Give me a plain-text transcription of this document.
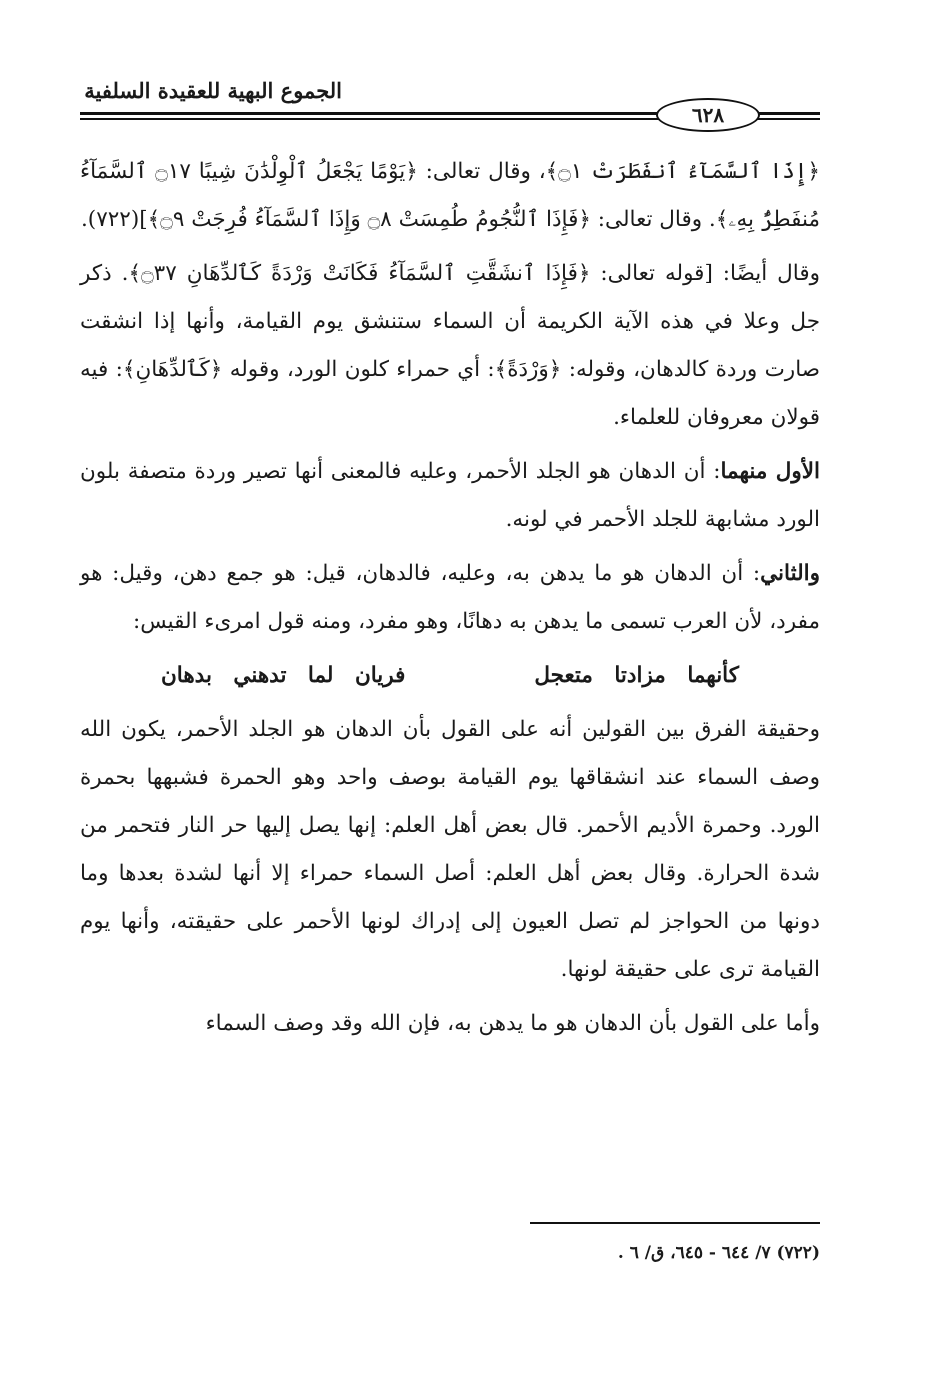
الجموع البهية للعقيدة السلفية
٦٢٨

﴿إِذَا ٱلسَّمَآءُ ٱنفَطَرَتْ ۝١﴾، وقال تعالى: ﴿يَوْمًا يَجْعَلُ ٱلْوِلْدَٰنَ شِيبًا ۝١٧ ٱلسَّمَآءُ مُنفَطِرٌۢ بِهِۦ﴾. وقال تعالى: ﴿فَإِذَا ٱلنُّجُومُ طُمِسَتْ ۝٨ وَإِذَا ٱلسَّمَآءُ فُرِجَتْ ۝٩﴾](٧٢٢).

وقال أيضًا: [قوله تعالى: ﴿فَإِذَا ٱنشَقَّتِ ٱلسَّمَآءُ فَكَانَتْ وَرْدَةً كَٱلدِّهَانِ ۝٣٧﴾. ذكر جل وعلا في هذه الآية الكريمة أن السماء ستنشق يوم القيامة، وأنها إذا انشقت صارت وردة كالدهان، وقوله: ﴿وَرْدَةً﴾: أي حمراء كلون الورد، وقوله ﴿كَٱلدِّهَانِ﴾: فيه قولان معروفان للعلماء.

الأول منهما: أن الدهان هو الجلد الأحمر، وعليه فالمعنى أنها تصير وردة متصفة بلون الورد مشابهة للجلد الأحمر في لونه.

والثاني: أن الدهان هو ما يدهن به، وعليه، فالدهان، قيل: هو جمع دهن، وقيل: هو مفرد، لأن العرب تسمى ما يدهن به دهانًا، وهو مفرد، ومنه قول امرىء القيس:

كأنهما مزادتا متعجل      فريان لما تدهني بدهان

وحقيقة الفرق بين القولين أنه على القول بأن الدهان هو الجلد الأحمر، يكون الله وصف السماء عند انشقاقها يوم القيامة بوصف واحد وهو الحمرة فشبهها بحمرة الورد. وحمرة الأديم الأحمر. قال بعض أهل العلم: إنها يصل إليها حر النار فتحمر من شدة الحرارة. وقال بعض أهل العلم: أصل السماء حمراء إلا أنها لشدة بعدها وما دونها من الحواجز لم تصل العيون إلى إدراك لونها الأحمر على حقيقته، وأنها يوم القيامة ترى على حقيقة لونها.

وأما على القول بأن الدهان هو ما يدهن به، فإن الله وقد وصف السماء

(٧٢٢) ٧/ ٦٤٤ - ٦٤٥، ق/ ٦ .
